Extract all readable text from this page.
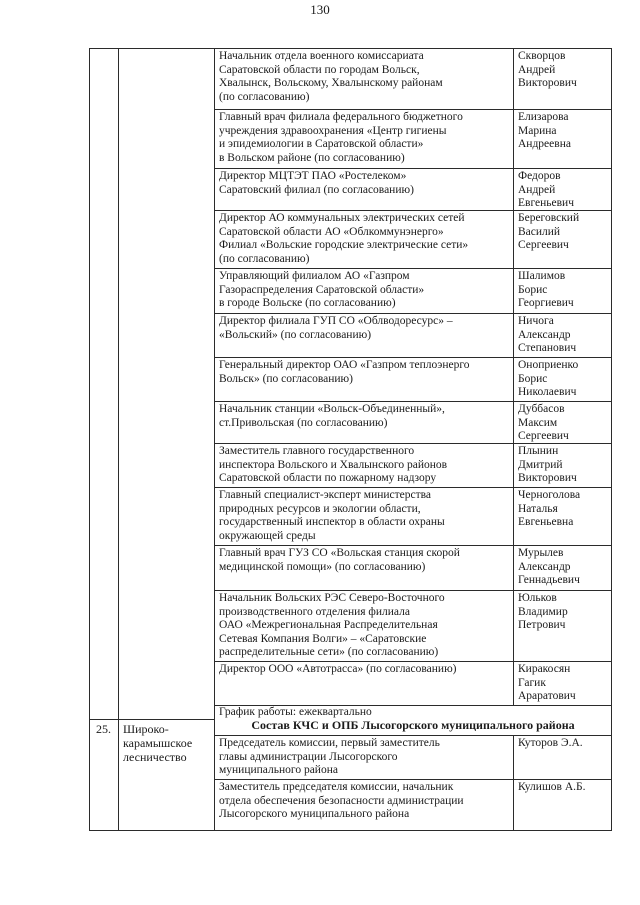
130
Начальник отдела военного комиссариата
Саратовской области по городам Вольск,
Хвалынск, Вольскому, Хвалынскому районам
(по согласованию)
Скворцов
Андрей
Викторович
Главный врач филиала федерального бюджетного
учреждения здравоохранения «Центр гигиены
и эпидемиологии в Саратовской области»
в Вольском районе (по согласованию)
Елизарова
Марина
Андреевна
Директор МЦТЭТ ПАО «Ростелеком»
Саратовский филиал (по согласованию)
Федоров
Андрей
Евгеньевич
Директор АО коммунальных электрических сетей
Саратовской области АО «Облкоммунэнерго»
Филиал «Вольские городские электрические сети»
(по согласованию)
Береговский
Василий
Сергеевич
Управляющий филиалом АО «Газпром
Газораспределения Саратовской области»
в городе Вольске (по согласованию)
Шалимов
Борис
Георгиевич
Директор филиала ГУП СО «Облводоресурс» –
«Вольский» (по согласованию)
Ничога
Александр
Степанович
Генеральный директор ОАО «Газпром теплоэнерго
Вольск» (по согласованию)
Оноприенко
Борис
Николаевич
Начальник станции «Вольск-Объединенный»,
ст.Привольская (по согласованию)
Дуббасов
Максим
Сергеевич
Заместитель главного государственного
инспектора Вольского и Хвалынского районов
Саратовской области по пожарному надзору
Плынин
Дмитрий
Викторович
Главный специалист-эксперт министерства
природных ресурсов и экологии области,
государственный инспектор в области охраны
окружающей среды
Черноголова
Наталья
Евгеньевна
Главный врач ГУЗ СО «Вольская станция скорой
медицинской помощи» (по согласованию)
Мурылев
Александр
Геннадьевич
Начальник Вольских РЭС Северо-Восточного
производственного отделения филиала
ОАО «Межрегиональная Распределительная
Сетевая Компания Волги» – «Саратовские
распределительные сети» (по согласованию)
Юльков
Владимир
Петрович
Директор ООО «Автотрасса» (по согласованию)	Киракосян
Гагик
Араратович
График работы: ежеквартально
25.	Широко-
карамышское
лесничество
Состав КЧС и ОПБ Лысогорского муниципального района
Председатель комиссии, первый заместитель
главы администрации Лысогорского
муниципального района
Куторов Э.А.
Заместитель председателя комиссии, начальник
отдела обеспечения безопасности администрации
Лысогорского муниципального района
Кулишов А.Б.
